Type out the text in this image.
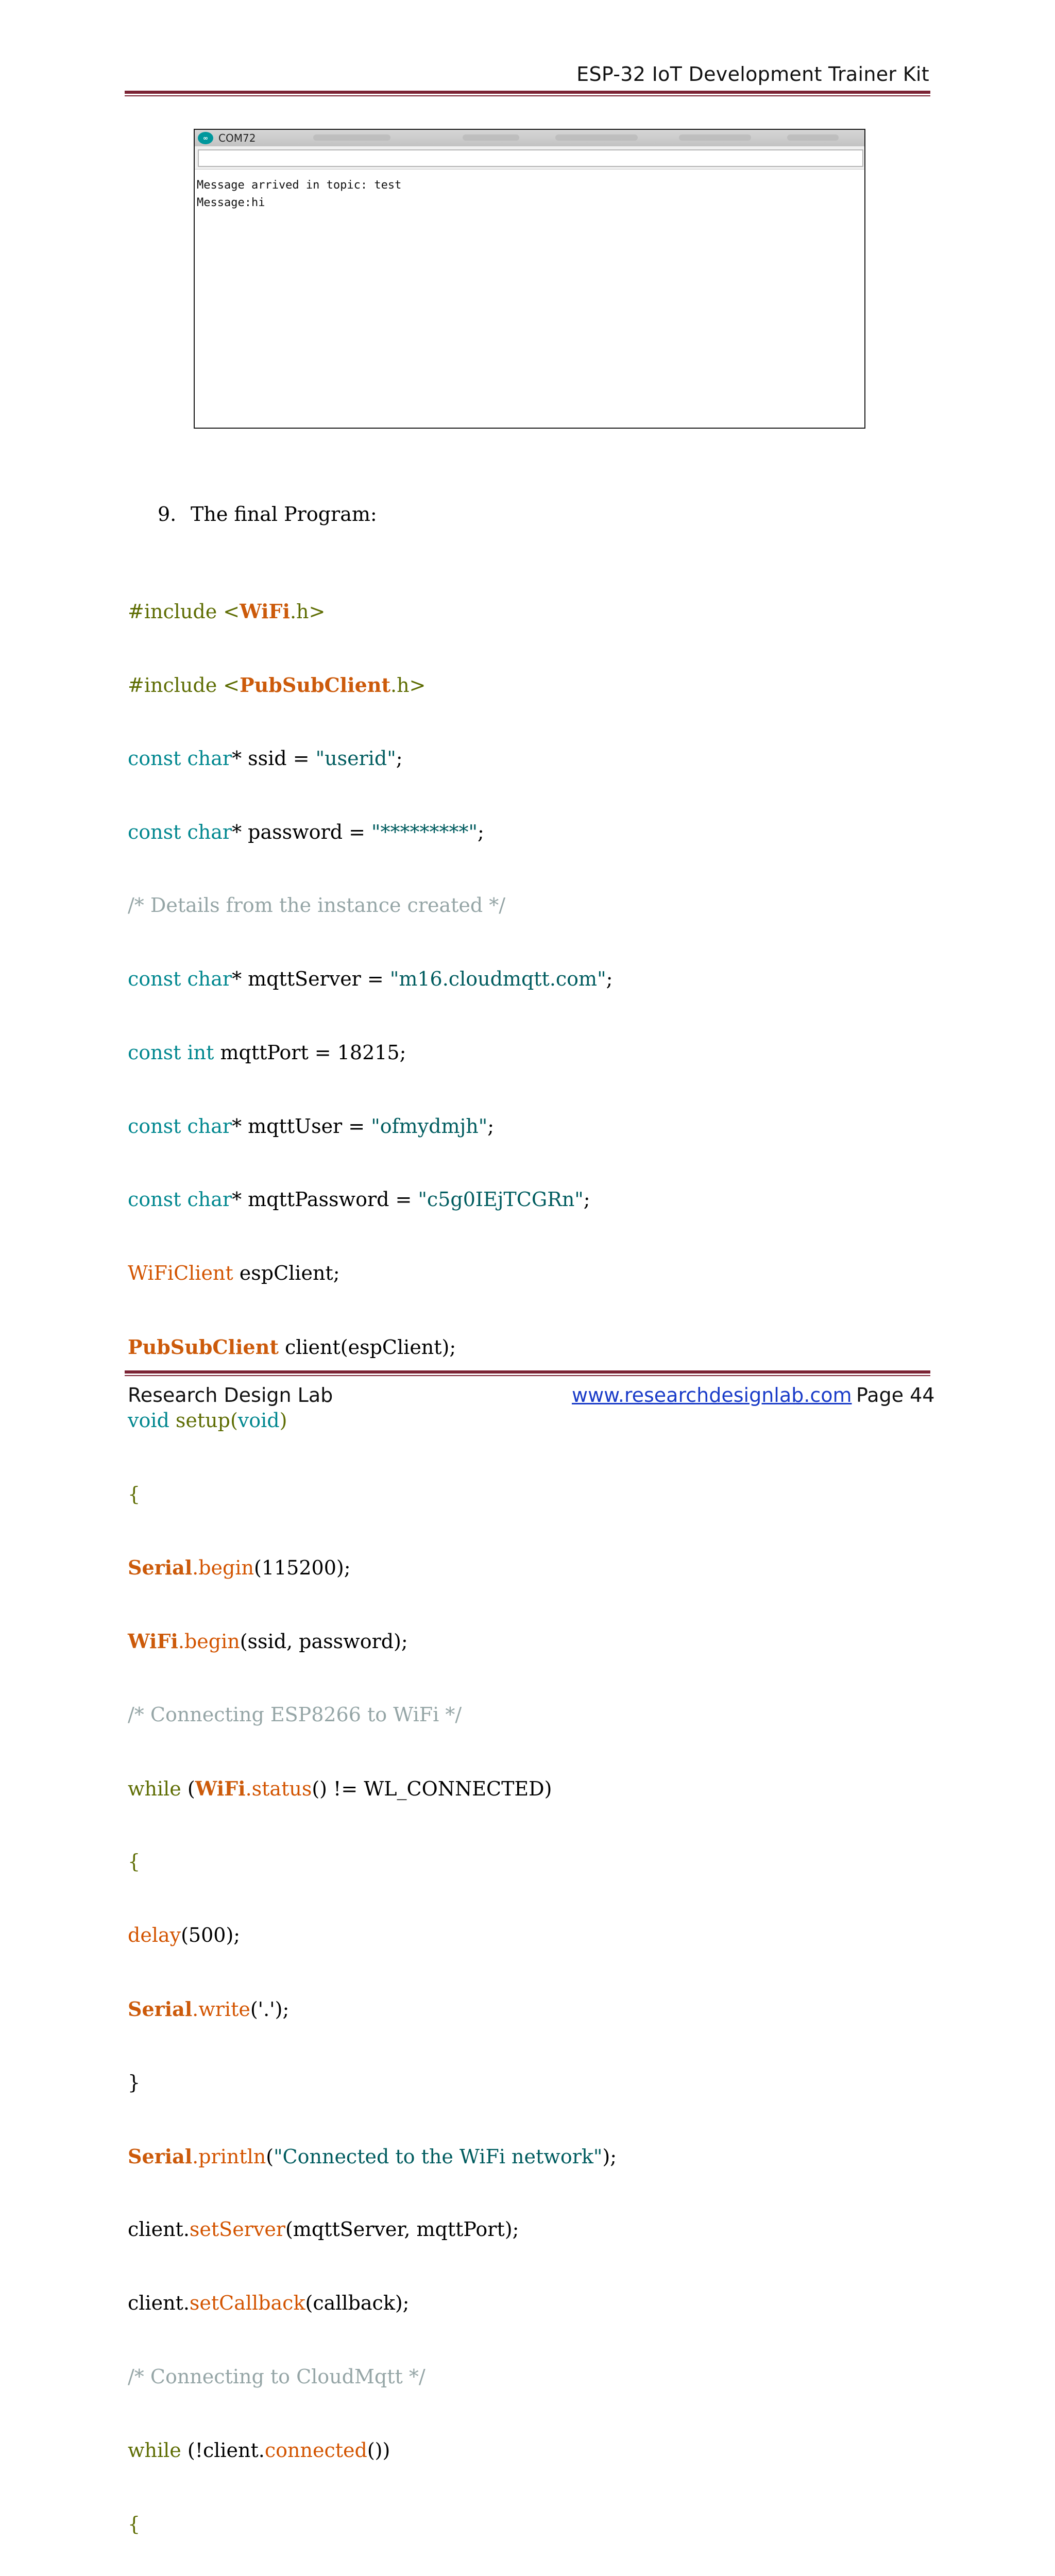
ESP-32 IoT Development Trainer Kit
∞	COM72
Message arrived in topic: test
Message:hi
9. The final Program:

#include <WiFi.h>

#include <PubSubClient.h>

const char* ssid = "userid";

const char* password = "*********";

/* Details from the instance created */

const char* mqttServer = "m16.cloudmqtt.com";

const int mqttPort = 18215;

const char* mqttUser = "ofmydmjh";

const char* mqttPassword = "c5g0IEjTCGRn";

WiFiClient espClient;

PubSubClient client(espClient);

void setup(void)

{

Serial.begin(115200);

WiFi.begin(ssid, password);

/* Connecting ESP8266 to WiFi */

while (WiFi.status() != WL_CONNECTED)

{

delay(500);

Serial.write('.');

}

Serial.println("Connected to the WiFi network");

client.setServer(mqttServer, mqttPort);

client.setCallback(callback);

/* Connecting to CloudMqtt */

while (!client.connected())

{

Research Design Lab	www.researchdesignlab.com Page 44
